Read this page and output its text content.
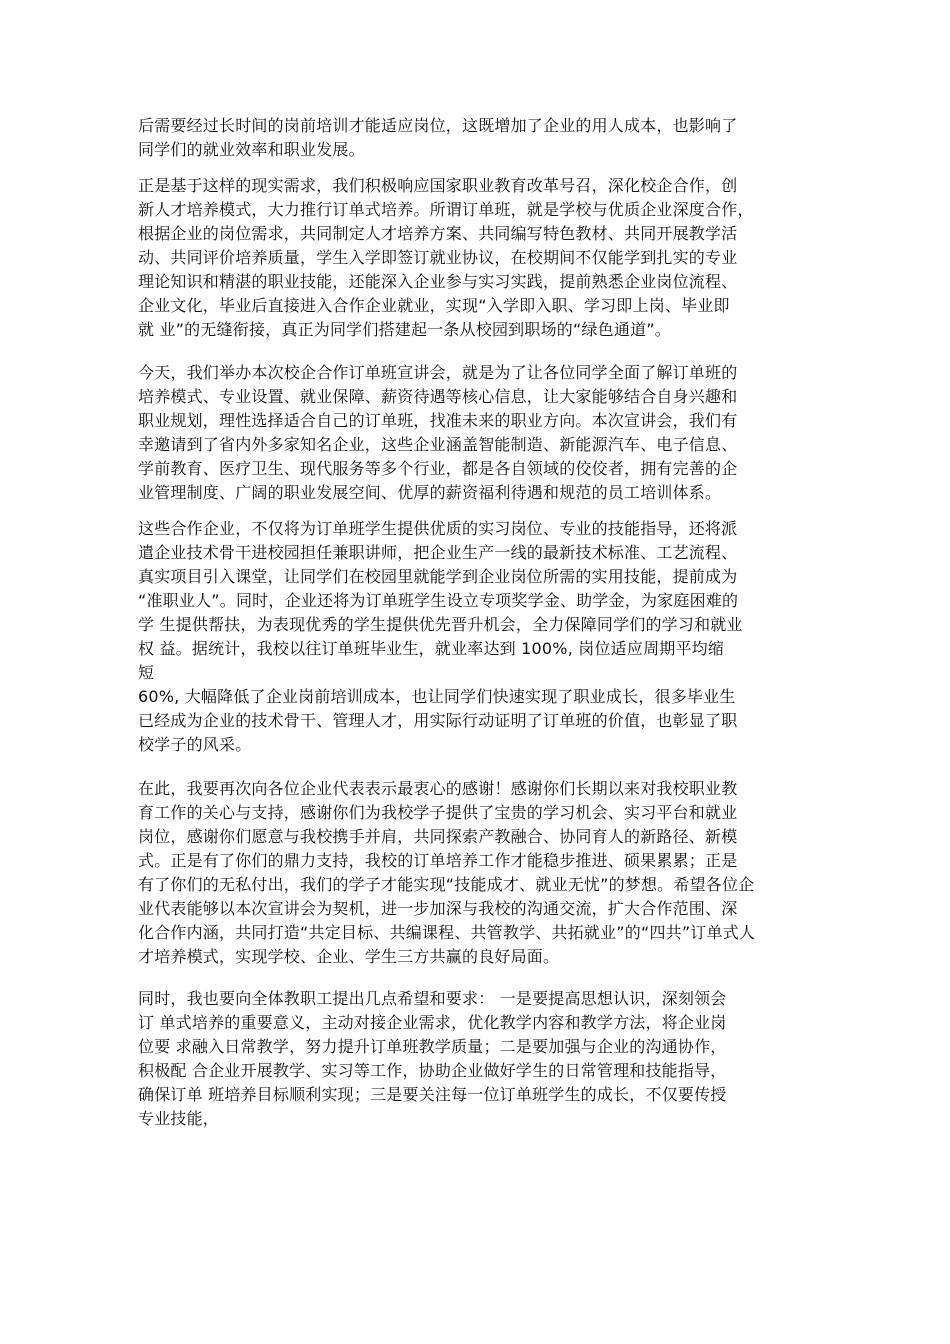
后需要经过长时间的岗前培训才能适应岗位，这既增加了企业的用人成本，也影响了
同学们的就业效率和职业发展。
正是基于这样的现实需求，我们积极响应国家职业教育改革号召，深化校企合作，创
新人才培养模式，大力推行订单式培养。所谓订单班，就是学校与优质企业深度合作，
根据企业的岗位需求，共同制定人才培养方案、共同编写特色教材、共同开展教学活
动、共同评价培养质量，学生入学即签订就业协议，在校期间不仅能学到扎实的专业
理论知识和精湛的职业技能，还能深入企业参与实习实践，提前熟悉企业岗位流程、
企业文化，毕业后直接进入合作企业就业，实现“入学即入职、学习即上岗、毕业即
就 业”的无缝衔接，真正为同学们搭建起一条从校园到职场的“绿色通道”。
今天，我们举办本次校企合作订单班宣讲会，就是为了让各位同学全面了解订单班的
培养模式、专业设置、就业保障、薪资待遇等核心信息，让大家能够结合自身兴趣和
职业规划，理性选择适合自己的订单班，找准未来的职业方向。本次宣讲会，我们有
幸邀请到了省内外多家知名企业，这些企业涵盖智能制造、新能源汽车、电子信息、
学前教育、医疗卫生、现代服务等多个行业，都是各自领域的佼佼者，拥有完善的企
业管理制度、广阔的职业发展空间、优厚的薪资福利待遇和规范的员工培训体系。
这些合作企业，不仅将为订单班学生提供优质的实习岗位、专业的技能指导，还将派
遣企业技术骨干进校园担任兼职讲师，把企业生产一线的最新技术标准、工艺流程、
真实项目引入课堂，让同学们在校园里就能学到企业岗位所需的实用技能，提前成为
“准职业人”。同时，企业还将为订单班学生设立专项奖学金、助学金，为家庭困难的
学 生提供帮扶，为表现优秀的学生提供优先晋升机会，全力保障同学们的学习和就业
权 益。据统计，我校以往订单班毕业生，就业率达到 100%, 岗位适应周期平均缩
短
60%, 大幅降低了企业岗前培训成本，也让同学们快速实现了职业成长，很多毕业生
已经成为企业的技术骨干、管理人才，用实际行动证明了订单班的价值，也彰显了职
校学子的风采。
在此，我要再次向各位企业代表表示最衷心的感谢！感谢你们长期以来对我校职业教
育工作的关心与支持，感谢你们为我校学子提供了宝贵的学习机会、实习平台和就业
岗位，感谢你们愿意与我校携手并肩，共同探索产教融合、协同育人的新路径、新模
式。正是有了你们的鼎力支持，我校的订单培养工作才能稳步推进、硕果累累；正是
有了你们的无私付出，我们的学子才能实现“技能成才、就业无忧”的梦想。希望各位企
业代表能够以本次宣讲会为契机，进一步加深与我校的沟通交流，扩大合作范围、深
化合作内涵，共同打造“共定目标、共编课程、共管教学、共拓就业”的“四共”订单式人
才培养模式，实现学校、企业、学生三方共赢的良好局面。
同时，我也要向全体教职工提出几点希望和要求： 一是要提高思想认识，深刻领会
订 单式培养的重要意义，主动对接企业需求，优化教学内容和教学方法，将企业岗
位要 求融入日常教学，努力提升订单班教学质量；二是要加强与企业的沟通协作，
积极配 合企业开展教学、实习等工作，协助企业做好学生的日常管理和技能指导，
确保订单 班培养目标顺利实现；三是要关注每一位订单班学生的成长，不仅要传授
专业技能，
